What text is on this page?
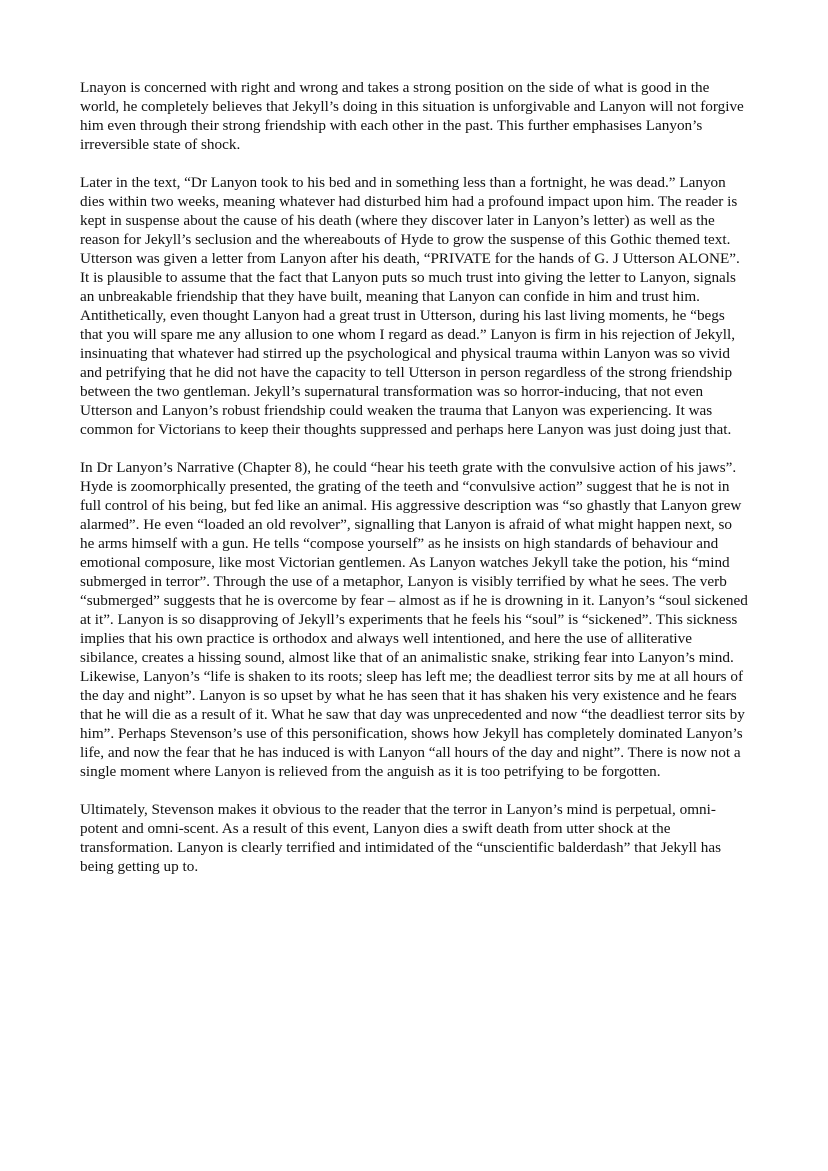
Lnayon is concerned with right and wrong and takes a strong position on the side of what is good in the world, he completely believes that Jekyll’s doing in this situation is unforgivable and Lanyon will not forgive him even through their strong friendship with each other in the past. This further emphasises Lanyon’s irreversible state of shock.

Later in the text, “Dr Lanyon took to his bed and in something less than a fortnight, he was dead.” Lanyon dies within two weeks, meaning whatever had disturbed him had a profound impact upon him. The reader is kept in suspense about the cause of his death (where they discover later in Lanyon’s letter) as well as the reason for Jekyll’s seclusion and the whereabouts of Hyde to grow the suspense of this Gothic themed text. Utterson was given a letter from Lanyon after his death, “PRIVATE for the hands of G. J Utterson ALONE”. It is plausible to assume that the fact that Lanyon puts so much trust into giving the letter to Lanyon, signals an unbreakable friendship that they have built, meaning that Lanyon can confide in him and trust him. Antithetically, even thought Lanyon had a great trust in Utterson, during his last living moments, he “begs that you will spare me any allusion to one whom I regard as dead.” Lanyon is firm in his rejection of Jekyll, insinuating that whatever had stirred up the psychological and physical trauma within Lanyon was so vivid and petrifying that he did not have the capacity to tell Utterson in person regardless of the strong friendship between the two gentleman. Jekyll’s supernatural transformation was so horror-inducing, that not even Utterson and Lanyon’s robust friendship could weaken the trauma that Lanyon was experiencing. It was common for Victorians to keep their thoughts suppressed and perhaps here Lanyon was just doing just that.

In Dr Lanyon’s Narrative (Chapter 8), he could “hear his teeth grate with the convulsive action of his jaws”. Hyde is zoomorphically presented, the grating of the teeth and “convulsive action” suggest that he is not in full control of his being, but fed like an animal. His aggressive description was “so ghastly that Lanyon grew alarmed”. He even “loaded an old revolver”, signalling that Lanyon is afraid of what might happen next, so he arms himself with a gun. He tells “compose yourself” as he insists on high standards of behaviour and emotional composure, like most Victorian gentlemen. As Lanyon watches Jekyll take the potion, his “mind submerged in terror”. Through the use of a metaphor, Lanyon is visibly terrified by what he sees. The verb “submerged” suggests that he is overcome by fear – almost as if he is drowning in it. Lanyon’s “soul sickened at it”. Lanyon is so disapproving of Jekyll’s experiments that he feels his “soul” is “sickened”. This sickness implies that his own practice is orthodox and always well intentioned, and here the use of alliterative sibilance, creates a hissing sound, almost like that of an animalistic snake, striking fear into Lanyon’s mind. Likewise, Lanyon’s “life is shaken to its roots; sleep has left me; the deadliest terror sits by me at all hours of the day and night”. Lanyon is so upset by what he has seen that it has shaken his very existence and he fears that he will die as a result of it. What he saw that day was unprecedented and now “the deadliest terror sits by him”. Perhaps Stevenson’s use of this personification, shows how Jekyll has completely dominated Lanyon’s life, and now the fear that he has induced is with Lanyon “all hours of the day and night”. There is now not a single moment where Lanyon is relieved from the anguish as it is too petrifying to be forgotten.

Ultimately, Stevenson makes it obvious to the reader that the terror in Lanyon’s mind is perpetual, omni-potent and omni-scent. As a result of this event, Lanyon dies a swift death from utter shock at the transformation. Lanyon is clearly terrified and intimidated of the “unscientific balderdash” that Jekyll has being getting up to.
